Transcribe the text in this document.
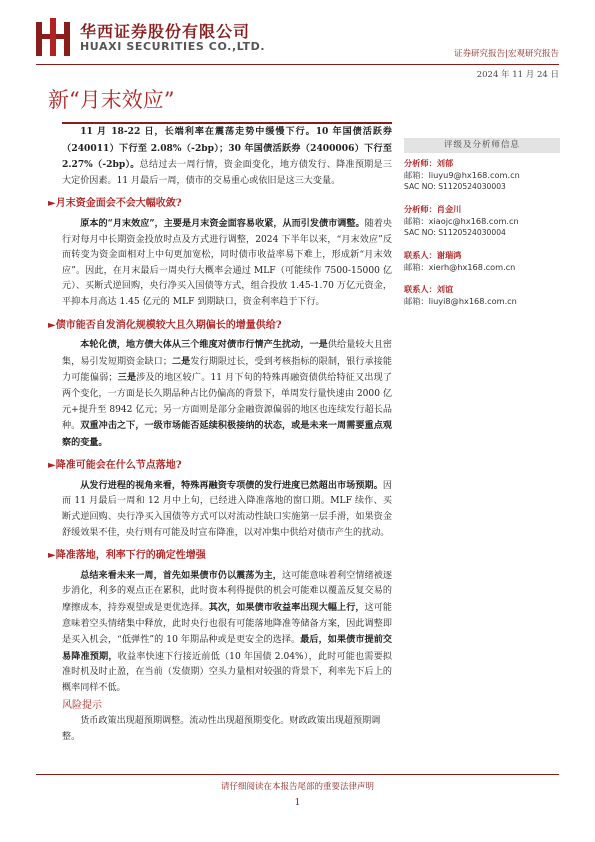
华西证券股份有限公司
HUAXI SECURITIES CO.,LTD.
证券研究报告|宏观研究报告
2024 年 11 月 24 日
新“月末效应”

11 月 18-22 日，长端利率在震荡走势中缓慢下行。10 年国债活跃券（240011）下行至 2.08%（-2bp）；30 年国债活跃券（2400006）下行至 2.27%（-2bp）。总结过去一周行情，资金面变化，地方债发行、降准预期是三大定价因素。11 月最后一周，债市的交易重心或依旧是这三大变量。

►月末资金面会不会大幅收敛?

原本的“月末效应”，主要是月末资金面容易收紧，从而引发债市调整。随着央行对每月中长期资金投放时点及方式进行调整，2024 下半年以来，“月末效应”反而转变为资金面相对上中旬更加宽松，同时债市收益率易下难上，形成新“月末效应”。因此，在月末最后一周央行大概率会通过 MLF（可能续作 7500-15000 亿元）、买断式逆回购，央行净买入国债等方式，组合投放 1.45-1.70 万亿元资金，平抑本月高达 1.45 亿元的 MLF 到期缺口，资金利率趋于下行。

►债市能否自发消化规模较大且久期偏长的增量供给?

本轮化债，地方债大体从三个维度对债市行情产生扰动，一是供给量较大且密集，易引发短期资金缺口；二是发行期限过长，受到考核指标的限制，银行承接能力可能偏弱；三是涉及的地区较广。11 月下旬的特殊再融资债供给特征又出现了两个变化，一方面是长久期品种占比仍偏高的背景下，单周发行量快速由 2000 亿元+提升至 8942 亿元；另一方面则是部分金融资源偏弱的地区也连续发行超长品种。双重冲击之下，一级市场能否延续积极接纳的状态，或是未来一周需要重点观察的变量。

►降准可能会在什么节点落地?

从发行进程的视角来看，特殊再融资专项债的发行进度已然超出市场预期。因而 11 月最后一周和 12 月中上旬，已经进入降准落地的窗口期。MLF 续作、买断式逆回购、央行净买入国债等方式可以对流动性缺口实施第一层手滑，如果资金舒缓效果不佳，央行则有可能及时宣布降准，以对冲集中供给对债市产生的扰动。

►降准落地，利率下行的确定性增强

总结来看未来一周，首先如果债市仍以震荡为主，这可能意味着利空情绪被逐步消化，利多的观点正在累积，此时资本利得提供的机会可能难以覆盖反复交易的摩擦成本，持券观望或是更优选择。其次，如果债市收益率出现大幅上行，这可能意味着空头情绪集中释放，此时央行也很有可能落地降准等储备方案，因此调整即是买入机会，“低弹性”的 10 年期品种或是更安全的选择。最后，如果债市提前交易降准预期，收益率快速下行接近前低（10 年国债 2.04%），此时可能也需要拟准时机及时止盈，在当前（发债期）空头力量相对较强的背景下，利率先下后上的概率同样不低。

风险提示
货币政策出现超预期调整。流动性出现超预期变化。财政政策出现超预期调整。
评级及分析师信息
分析师：刘郁
邮箱：liuyu9@hx168.com.cn
SAC NO: S1120524030003
分析师：肖金川
邮箱：xiaojc@hx168.com.cn
SAC NO: S1120524030004
联系人：谢瑞鸿
邮箱：xierh@hx168.com.cn
联系人：刘谊
邮箱：liuyi8@hx168.com.cn
请仔细阅读在本报告尾部的重要法律声明
1
